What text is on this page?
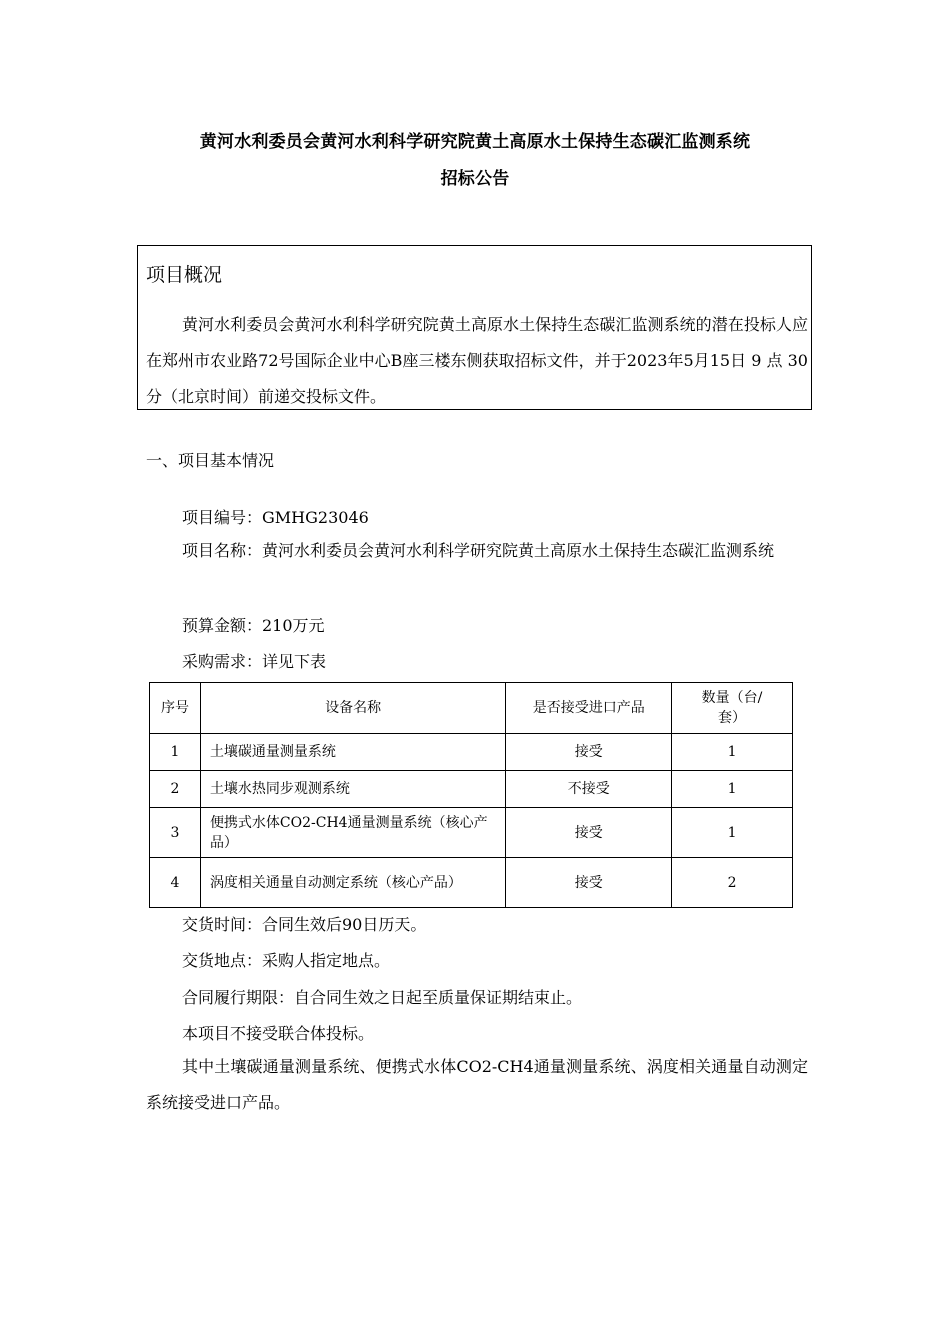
黄河水利委员会黄河水利科学研究院黄土高原水土保持生态碳汇监测系统
招标公告
项目概况
黄河水利委员会黄河水利科学研究院黄土高原水土保持生态碳汇监测系统的潜在投标人应在郑州市农业路72号国际企业中心B座三楼东侧获取招标文件，并于2023年5月15日 9 点 30分（北京时间）前递交投标文件。
一、项目基本情况
项目编号：GMHG23046
项目名称：黄河水利委员会黄河水利科学研究院黄土高原水土保持生态碳汇监测系统
预算金额：210万元
采购需求：详见下表
序号	设备名称	是否接受进口产品	数量（台/套）
1	土壤碳通量测量系统	接受	1
2	土壤水热同步观测系统	不接受	1
3	便携式水体CO2-CH4通量测量系统（核心产品）	接受	1
4	涡度相关通量自动测定系统（核心产品）	接受	2
交货时间：合同生效后90日历天。
交货地点：采购人指定地点。
合同履行期限：自合同生效之日起至质量保证期结束止。
本项目不接受联合体投标。
其中土壤碳通量测量系统、便携式水体CO2-CH4通量测量系统、涡度相关通量自动测定系统接受进口产品。
